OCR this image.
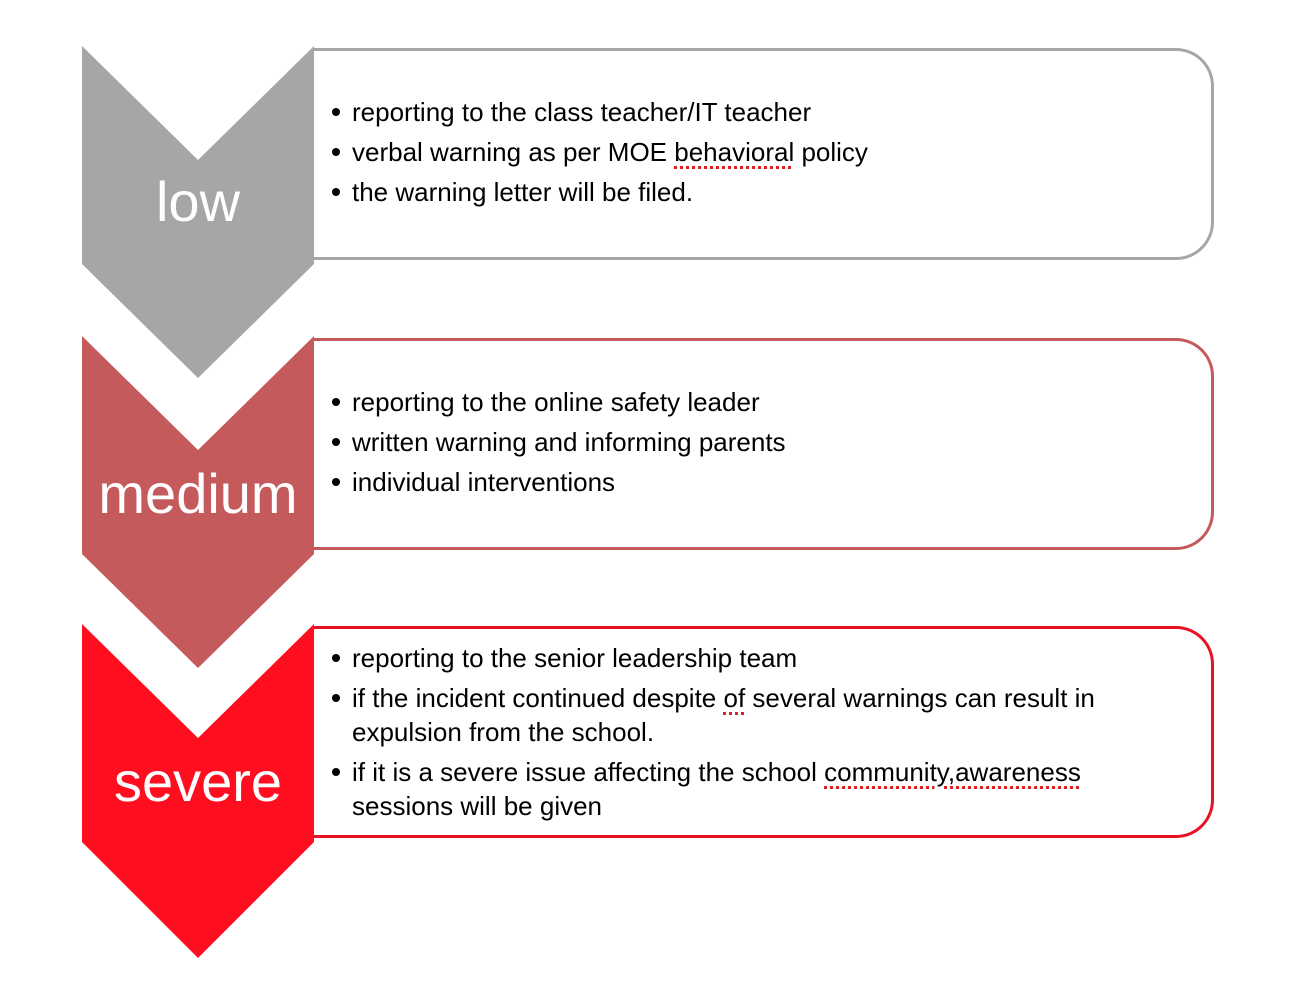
low
reporting to the class teacher/IT teacher
verbal warning as per MOE behavioral policy
the warning letter will be filed.
medium
reporting to the online safety leader
written warning and informing parents
individual interventions
severe
reporting to the senior leadership team
if the incident continued despite of several warnings can result in expulsion from the school.
if it is a severe issue affecting the school community,awareness sessions will be given
